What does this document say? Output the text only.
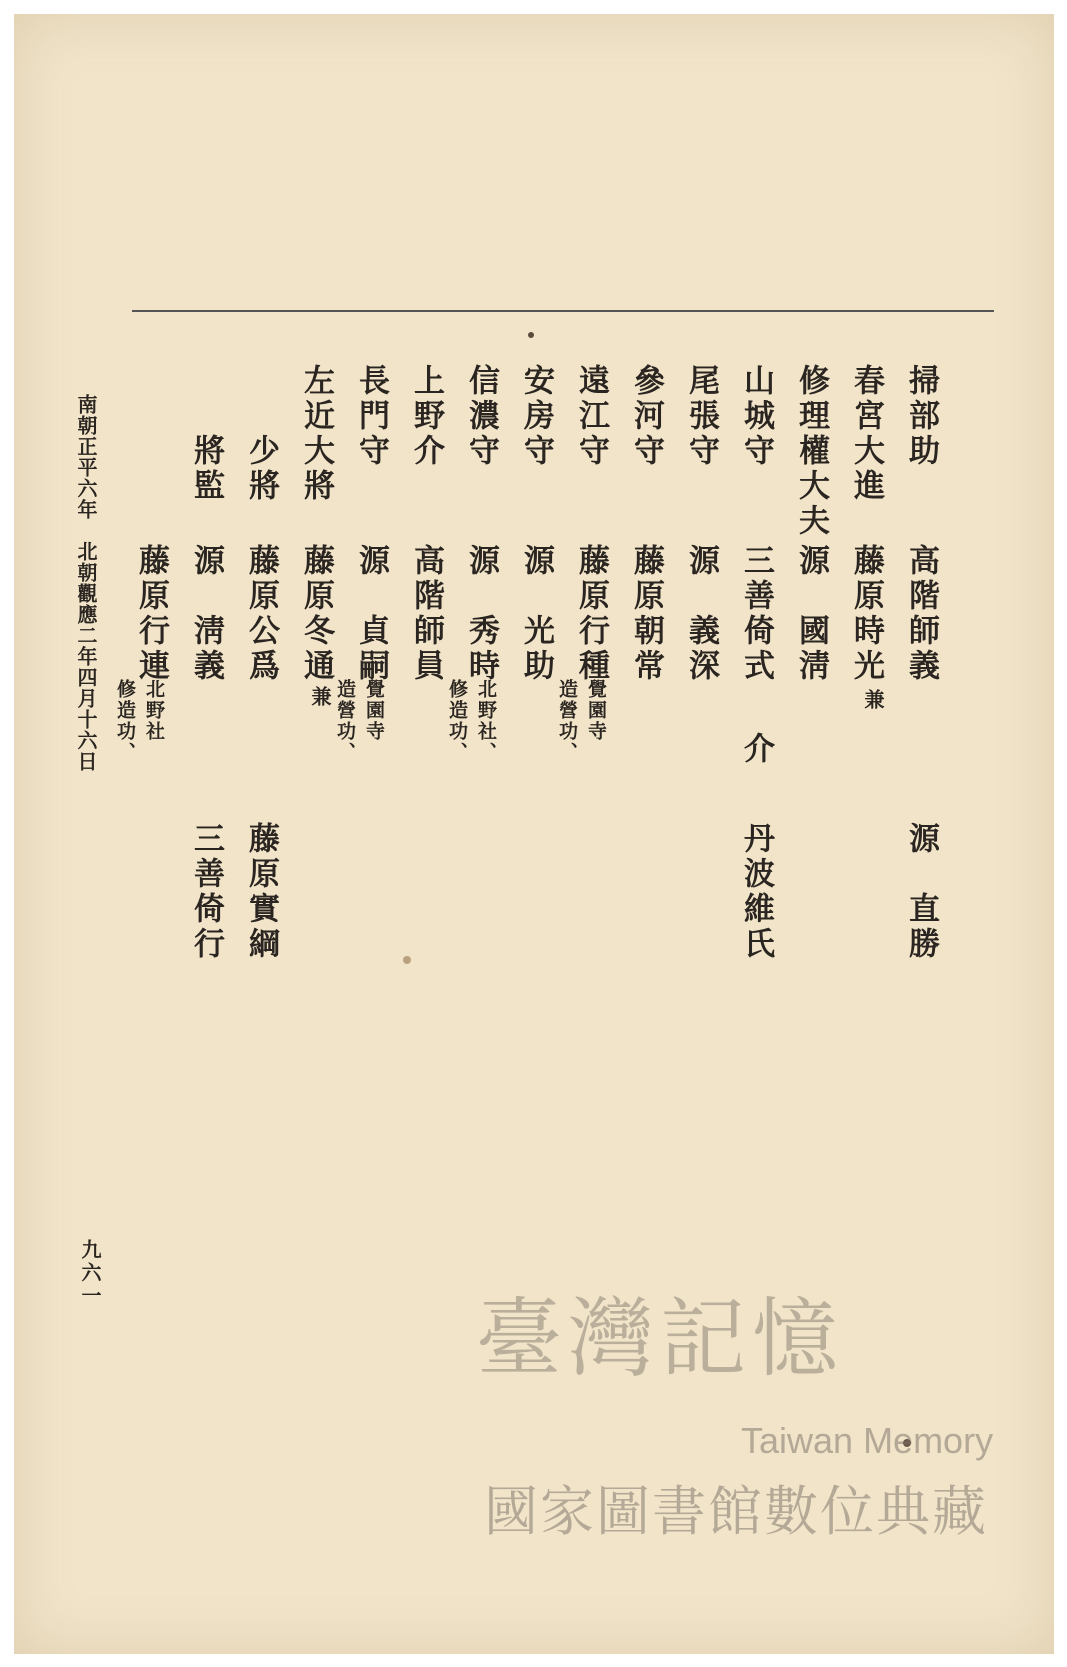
掃部助
高階師義
源　直勝
春宮大進
藤原時光
兼
修理權大夫
源　國淸
山城守
三善倚式
介
丹波維氏
尾張守
源　義深
參河守
藤原朝常
遠江守
藤原行種
覺園寺
造營功、
安房守
源　光助
信濃守
源　秀時
北野社、
修造功、
上野介
高階師員
長門守
源　貞嗣
覺園寺
造營功、
左近大將
藤原冬通
兼
少將
藤原公爲
藤原實綱
將監
源　淸義
三善倚行
藤原行連
北野社
修造功、
南朝正平六年　北朝觀應二年四月十六日
九六一
臺灣記憶
Taiwan Memory
國家圖書館數位典藏
